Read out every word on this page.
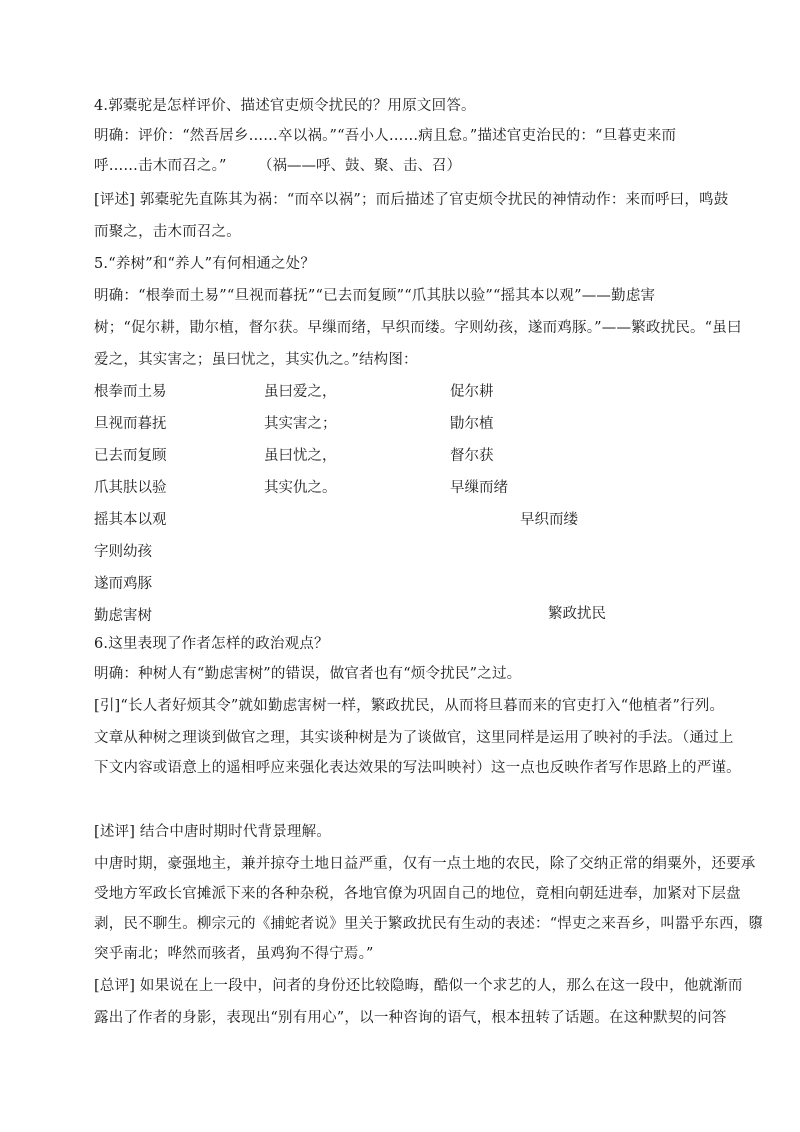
4.郭橐驼是怎样评价、描述官吏烦令扰民的？用原文回答。
明确：评价：“然吾居乡……卒以祸。”“吾小人……病且怠。”描述官吏治民的：“旦暮吏来而
呼……击木而召之。” （祸——呼、鼓、聚、击、召）
[评述] 郭橐驼先直陈其为祸：“而卒以祸”；而后描述了官吏烦令扰民的神情动作：来而呼曰，鸣鼓
而聚之，击木而召之。
5.“养树”和“养人”有何相通之处？
明确：“根拳而土易”“旦视而暮抚”“已去而复顾”“爪其肤以验”“摇其本以观”——勤虑害
树；“促尔耕，勖尔植，督尔获。早缫而绪，早织而缕。字则幼孩，遂而鸡豚。”——繁政扰民。“虽曰
爱之，其实害之；虽曰忧之，其实仇之。”结构图：
根拳而土易
旦视而暮抚
已去而复顾
爪其肤以验
摇其本以观
字则幼孩
遂而鸡豚
勤虑害树
虽曰爱之，
其实害之；
虽曰忧之，
其实仇之。
促尔耕
勖尔植
督尔获
早缫而绪
早织而缕
繁政扰民
6.这里表现了作者怎样的政治观点？
明确：种树人有“勤虑害树”的错误，做官者也有“烦令扰民”之过。
[引]“长人者好烦其令”就如勤虑害树一样，繁政扰民，从而将旦暮而来的官吏打入“他植者”行列。
文章从种树之理谈到做官之理，其实谈种树是为了谈做官，这里同样是运用了映衬的手法。（通过上
下文内容或语意上的遥相呼应来强化表达效果的写法叫映衬）这一点也反映作者写作思路上的严谨。
[述评] 结合中唐时期时代背景理解。
中唐时期，豪强地主，兼并掠夺土地日益严重，仅有一点土地的农民，除了交纳正常的绢粟外，还要承
受地方军政长官摊派下来的各种杂税，各地官僚为巩固自己的地位，竟相向朝廷进奉，加紧对下层盘
剥，民不聊生。柳宗元的《捕蛇者说》里关于繁政扰民有生动的表述：“悍吏之来吾乡，叫嚣乎东西，隳
突乎南北；哗然而骇者，虽鸡狗不得宁焉。”
[总评] 如果说在上一段中，问者的身份还比较隐晦，酷似一个求艺的人，那么在这一段中，他就渐而
露出了作者的身影，表现出“别有用心”，以一种咨询的语气，根本扭转了话题。在这种默契的问答
